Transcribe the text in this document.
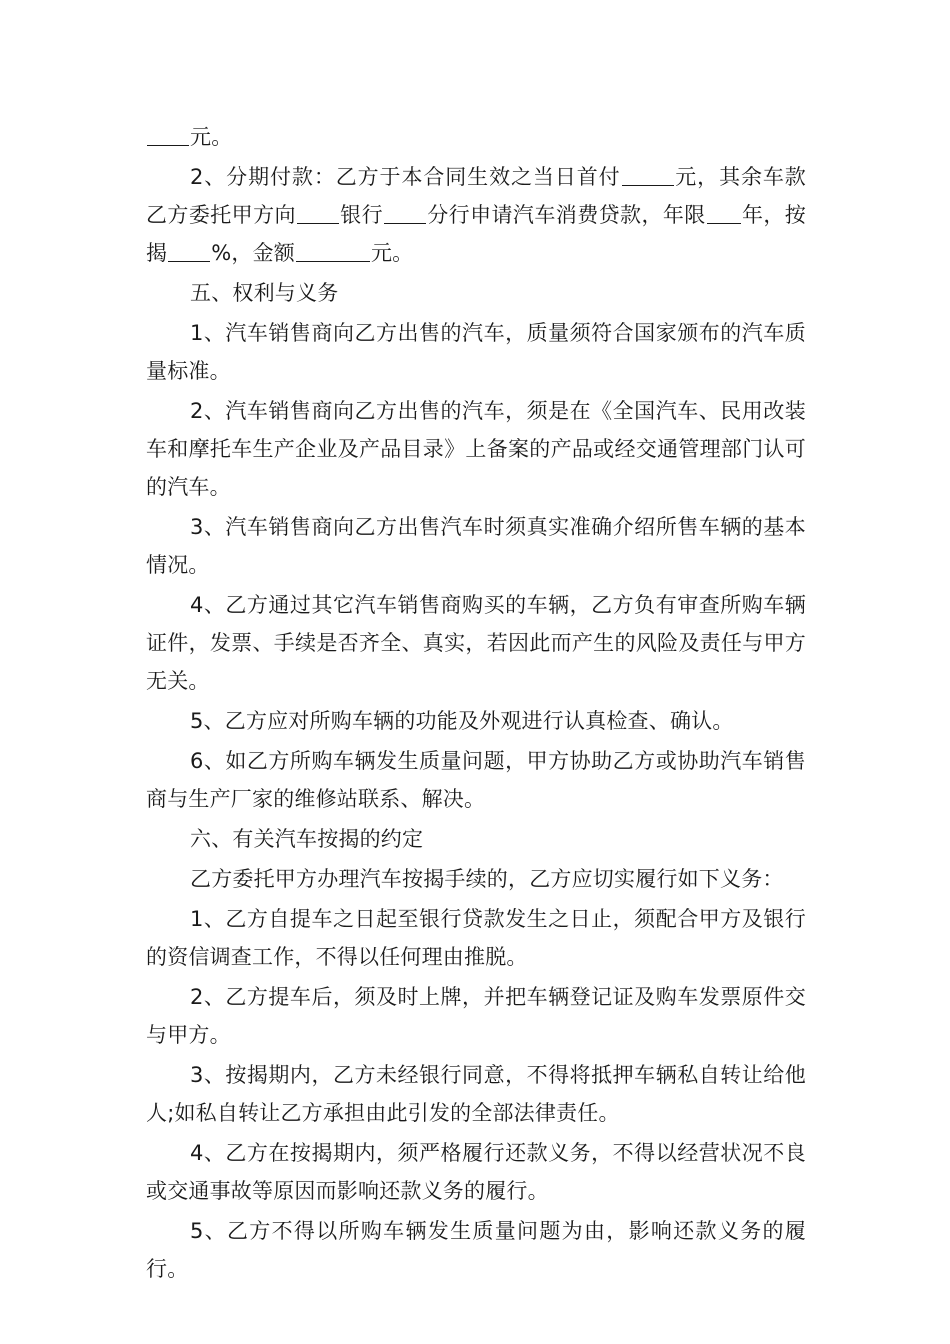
元。

2、分期付款：乙方于本合同生效之当日首付	元，其余车款乙方委托甲方向 银行 分行申请汽车消费贷款，年限 年，按揭 %，金额	元。

五、权利与义务

1、汽车销售商向乙方出售的汽车，质量须符合国家颁布的汽车质量标准。

2、汽车销售商向乙方出售的汽车，须是在《全国汽车、民用改装车和摩托车生产企业及产品目录》上备案的产品或经交通管理部门认可的汽车。

3、汽车销售商向乙方出售汽车时须真实准确介绍所售车辆的基本情况。

4、乙方通过其它汽车销售商购买的车辆，乙方负有审查所购车辆证件，发票、手续是否齐全、真实，若因此而产生的风险及责任与甲方无关。

5、乙方应对所购车辆的功能及外观进行认真检查、确认。

6、如乙方所购车辆发生质量问题，甲方协助乙方或协助汽车销售商与生产厂家的维修站联系、解决。

六、有关汽车按揭的约定

乙方委托甲方办理汽车按揭手续的，乙方应切实履行如下义务：

1、乙方自提车之日起至银行贷款发生之日止，须配合甲方及银行的资信调查工作，不得以任何理由推脱。

2、乙方提车后，须及时上牌，并把车辆登记证及购车发票原件交与甲方。

3、按揭期内，乙方未经银行同意，不得将抵押车辆私自转让给他人;如私自转让乙方承担由此引发的全部法律责任。

4、乙方在按揭期内，须严格履行还款义务，不得以经营状况不良或交通事故等原因而影响还款义务的履行。

5、乙方不得以所购车辆发生质量问题为由，影响还款义务的履行。
